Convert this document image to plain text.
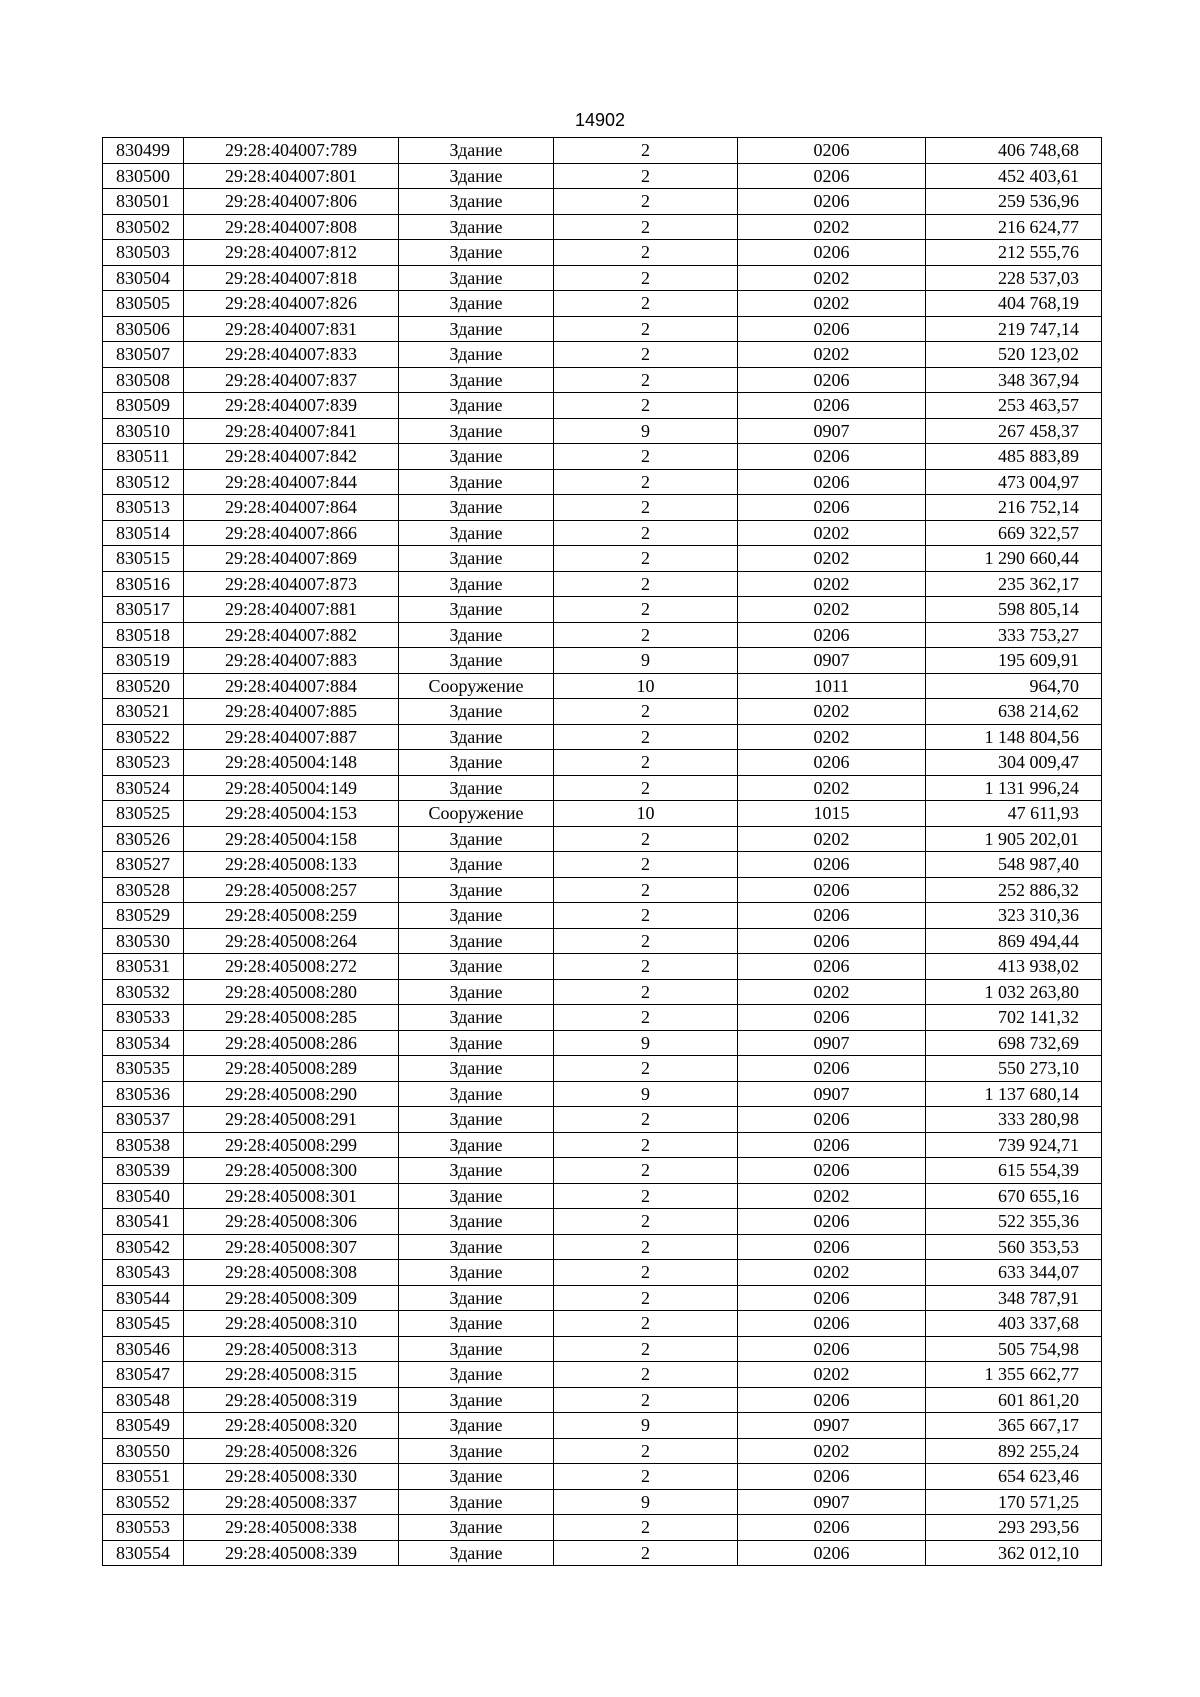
14902
830499	29:28:404007:789	Здание	2	0206	406 748,68
830500	29:28:404007:801	Здание	2	0206	452 403,61
830501	29:28:404007:806	Здание	2	0206	259 536,96
830502	29:28:404007:808	Здание	2	0202	216 624,77
830503	29:28:404007:812	Здание	2	0206	212 555,76
830504	29:28:404007:818	Здание	2	0202	228 537,03
830505	29:28:404007:826	Здание	2	0202	404 768,19
830506	29:28:404007:831	Здание	2	0206	219 747,14
830507	29:28:404007:833	Здание	2	0202	520 123,02
830508	29:28:404007:837	Здание	2	0206	348 367,94
830509	29:28:404007:839	Здание	2	0206	253 463,57
830510	29:28:404007:841	Здание	9	0907	267 458,37
830511	29:28:404007:842	Здание	2	0206	485 883,89
830512	29:28:404007:844	Здание	2	0206	473 004,97
830513	29:28:404007:864	Здание	2	0206	216 752,14
830514	29:28:404007:866	Здание	2	0202	669 322,57
830515	29:28:404007:869	Здание	2	0202	1 290 660,44
830516	29:28:404007:873	Здание	2	0202	235 362,17
830517	29:28:404007:881	Здание	2	0202	598 805,14
830518	29:28:404007:882	Здание	2	0206	333 753,27
830519	29:28:404007:883	Здание	9	0907	195 609,91
830520	29:28:404007:884	Сооружение	10	1011	964,70
830521	29:28:404007:885	Здание	2	0202	638 214,62
830522	29:28:404007:887	Здание	2	0202	1 148 804,56
830523	29:28:405004:148	Здание	2	0206	304 009,47
830524	29:28:405004:149	Здание	2	0202	1 131 996,24
830525	29:28:405004:153	Сооружение	10	1015	47 611,93
830526	29:28:405004:158	Здание	2	0202	1 905 202,01
830527	29:28:405008:133	Здание	2	0206	548 987,40
830528	29:28:405008:257	Здание	2	0206	252 886,32
830529	29:28:405008:259	Здание	2	0206	323 310,36
830530	29:28:405008:264	Здание	2	0206	869 494,44
830531	29:28:405008:272	Здание	2	0206	413 938,02
830532	29:28:405008:280	Здание	2	0202	1 032 263,80
830533	29:28:405008:285	Здание	2	0206	702 141,32
830534	29:28:405008:286	Здание	9	0907	698 732,69
830535	29:28:405008:289	Здание	2	0206	550 273,10
830536	29:28:405008:290	Здание	9	0907	1 137 680,14
830537	29:28:405008:291	Здание	2	0206	333 280,98
830538	29:28:405008:299	Здание	2	0206	739 924,71
830539	29:28:405008:300	Здание	2	0206	615 554,39
830540	29:28:405008:301	Здание	2	0202	670 655,16
830541	29:28:405008:306	Здание	2	0206	522 355,36
830542	29:28:405008:307	Здание	2	0206	560 353,53
830543	29:28:405008:308	Здание	2	0202	633 344,07
830544	29:28:405008:309	Здание	2	0206	348 787,91
830545	29:28:405008:310	Здание	2	0206	403 337,68
830546	29:28:405008:313	Здание	2	0206	505 754,98
830547	29:28:405008:315	Здание	2	0202	1 355 662,77
830548	29:28:405008:319	Здание	2	0206	601 861,20
830549	29:28:405008:320	Здание	9	0907	365 667,17
830550	29:28:405008:326	Здание	2	0202	892 255,24
830551	29:28:405008:330	Здание	2	0206	654 623,46
830552	29:28:405008:337	Здание	9	0907	170 571,25
830553	29:28:405008:338	Здание	2	0206	293 293,56
830554	29:28:405008:339	Здание	2	0206	362 012,10
